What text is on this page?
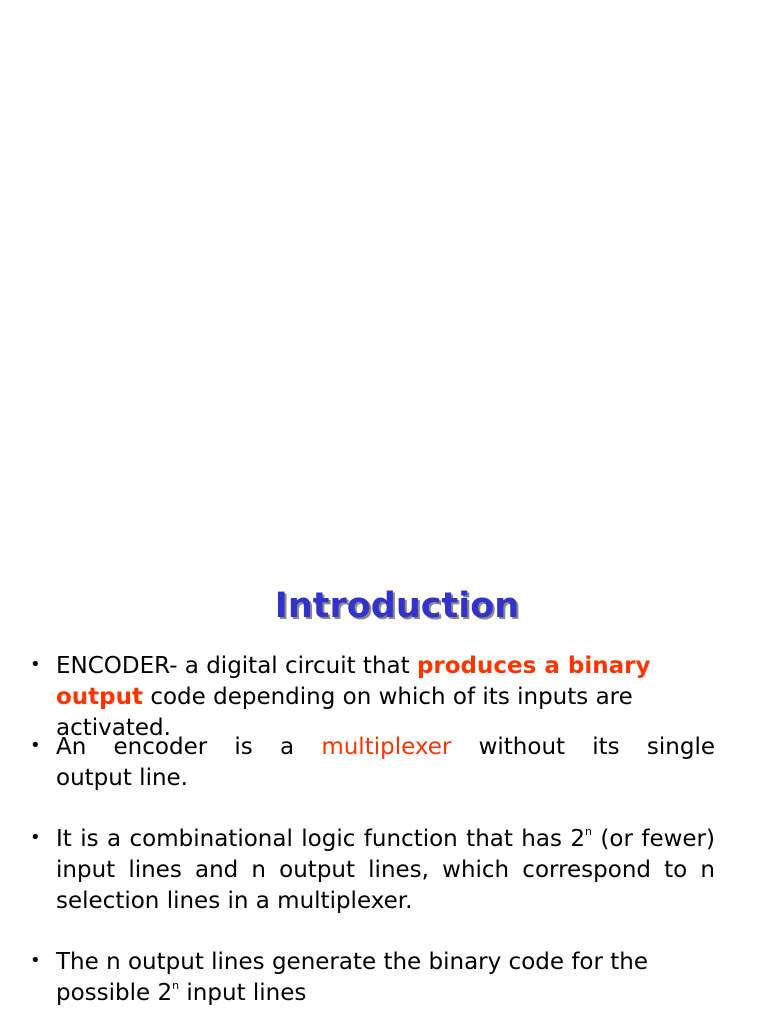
Introduction
• ENCODER- a digital circuit that produces a binary output code depending on which of its inputs are activated.
• An encoder is a multiplexer without its single
output line.
• It is a combinational logic function that has 2$^n$ (or fewer) input lines and n output lines, which correspond to n selection lines in a multiplexer.
• The n output lines generate the binary code for the possible 2$^n$ input lines
